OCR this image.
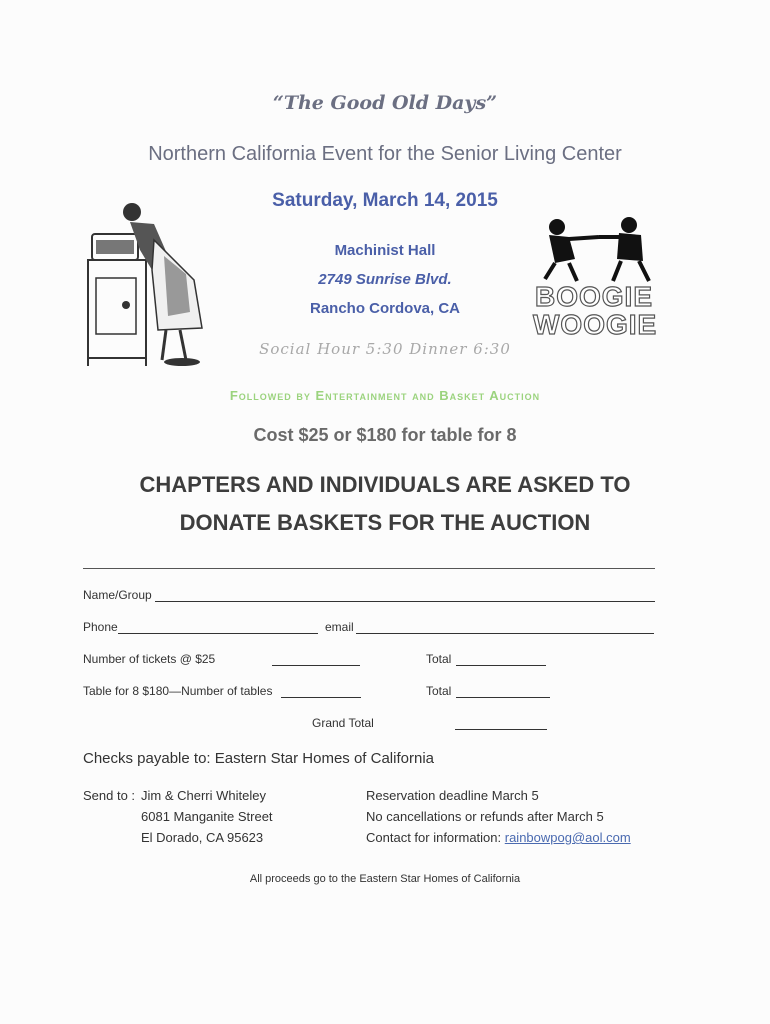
“The Good Old Days”
Northern California Event for the Senior Living Center
Saturday, March 14, 2015
Machinist Hall
2749 Sunrise Blvd.
Rancho Cordova, CA
Social Hour 5:30 Dinner 6:30
Followed by Entertainment and Basket Auction
Cost $25 or $180 for table for 8
BOOGIE
WOOGIE
CHAPTERS AND INDIVIDUALS ARE ASKED TO
DONATE BASKETS FOR THE AUCTION
Name/Group
Phone	email
Number of tickets @ $25	Total
Table for 8 $180—Number of tables	Total
Grand Total
Checks payable to: Eastern Star Homes of California
Send to : Jim & Cherri Whiteley
6081 Manganite Street
El Dorado, CA 95623
Reservation deadline March 5
No cancellations or refunds after March 5
Contact for information: rainbowpog@aol.com
All proceeds go to the Eastern Star Homes of California
